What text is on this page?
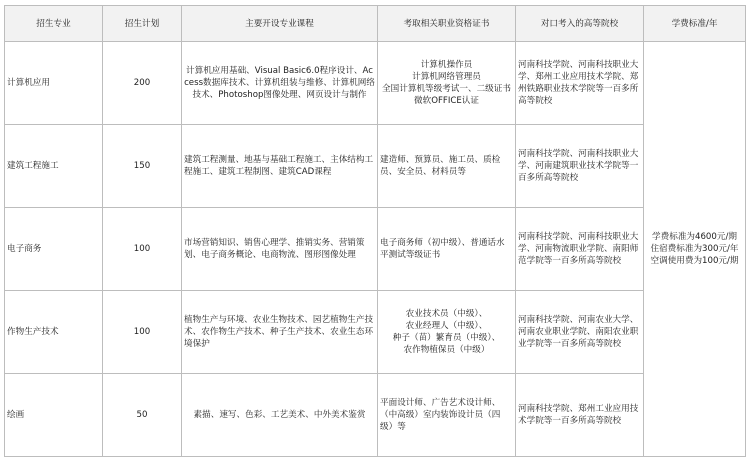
招生专业	招生计划	主要开设专业课程	考取相关职业资格证书	对口考入的高等院校	学费标准/年
计算机应用	200	计算机应用基础、Visual Basic6.0程序设计、Access数据库技术、计算机组装与维修、计算机网络技术、Photoshop图像处理、网页设计与制作	计算机操作员
计算机网络管理员
全国计算机等级考试一、二级证书
微软OFFICE认证	河南科技学院、河南科技职业大学、郑州工业应用技术学院、郑州铁路职业技术学院等一百多所高等院校	学费标准为4600元/期
住宿费标准为300元/年
空调使用费为100元/期
建筑工程施工	150	建筑工程测量、地基与基础工程施工、主体结构工程施工、建筑工程制图、建筑CAD课程	建造师、预算员、施工员、质检员、安全员、材料员等	河南科技学院、河南科技职业大学、河南建筑职业技术学院等一百多所高等院校	
电子商务	100	市场营销知识、销售心理学、推销实务、营销策划、电子商务概论、电商物流、图形图像处理	电子商务师（初中级）、普通话水平测试等级证书	河南科技学院、河南科技职业大学、河南物流职业学院、南阳师范学院等一百多所高等院校	
作物生产技术	100	植物生产与环境、农业生物技术、园艺植物生产技术、农作物生产技术、种子生产技术、农业生态环境保护	农业技术员（中级）、
农业经理人（中级）、
种子（苗）繁育员（中级）、
农作物植保员（中级）	河南科技学院、河南农业大学、河南农业职业学院、南阳农业职业学院等一百多所高等院校	
绘画	50	素描、速写、色彩、工艺美术、中外美术鉴赏	平面设计师、广告艺术设计师、（中高级）室内装饰设计员（四级）等	河南科技学院、郑州工业应用技术学院等一百多所高等院校	
